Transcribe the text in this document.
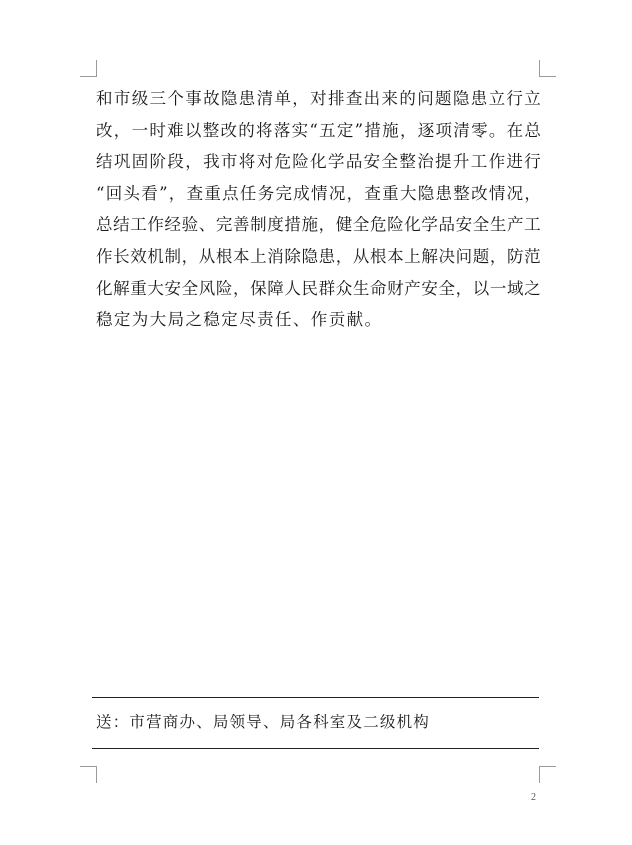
和 市 级 三 个 事 故 隐 患 清 单 ， 对 排 查 出 来 的 问 题 隐 患 立 行 立
改 ， 一 时 难 以 整 改 的 将 落 实 “ 五 定 ” 措 施 ， 逐 项 清 零 。 在 总
结 巩 固 阶 段 ， 我 市 将 对 危 险 化 学 品 安 全 整 治 提 升 工 作 进 行
“ 回 头 看 ” ， 查 重 点 任 务 完 成 情 况 ， 查 重 大 隐 患 整 改 情 况 ，
总 结 工 作 经 验 、 完 善 制 度 措 施 ， 健 全 危 险 化 学 品 安 全 生 产 工
作 长 效 机 制 ， 从 根 本 上 消 除 隐 患 ， 从 根 本 上 解 决 问 题 ， 防 范
化 解 重 大 安 全 风 险 ， 保 障 人 民 群 众 生 命 财 产 安 全 ， 以 一 域 之
稳定为大局之稳定尽责任、作贡献。
送：市营商办、局领导、局各科室及二级机构
2
